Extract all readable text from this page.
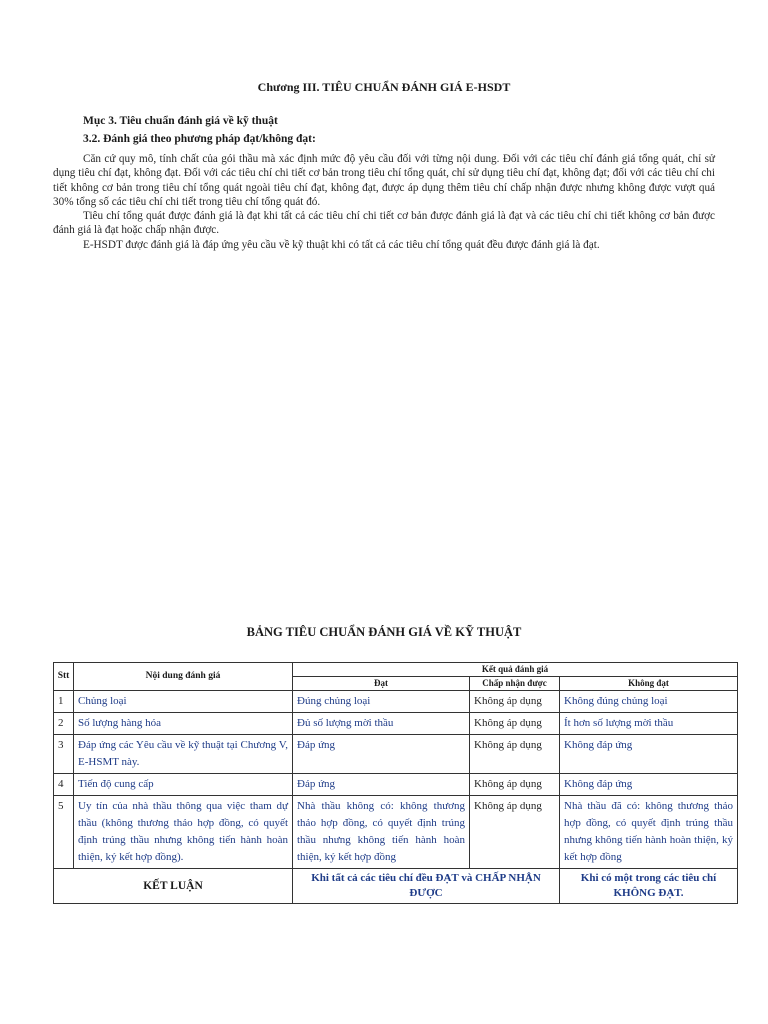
Chương III. TIÊU CHUẨN ĐÁNH GIÁ E-HSDT
Mục 3. Tiêu chuẩn đánh giá về kỹ thuật
3.2. Đánh giá theo phương pháp đạt/không đạt:

Căn cứ quy mô, tính chất của gói thầu mà xác định mức độ yêu cầu đối với từng nội dung. Đối với các tiêu chí đánh giá tổng quát, chỉ sử dụng tiêu chí đạt, không đạt. Đối với các tiêu chí chi tiết cơ bản trong tiêu chí tổng quát, chỉ sử dụng tiêu chí đạt, không đạt; đối với các tiêu chí chi tiết không cơ bản trong tiêu chí tổng quát ngoài tiêu chí đạt, không đạt, được áp dụng thêm tiêu chí chấp nhận được nhưng không được vượt quá 30% tổng số các tiêu chí chi tiết trong tiêu chí tổng quát đó.

Tiêu chí tổng quát được đánh giá là đạt khi tất cả các tiêu chí chi tiết cơ bản được đánh giá là đạt và các tiêu chí chi tiết không cơ bản được đánh giá là đạt hoặc chấp nhận được.

E-HSDT được đánh giá là đáp ứng yêu cầu về kỹ thuật khi có tất cả các tiêu chí tổng quát đều được đánh giá là đạt.

BẢNG TIÊU CHUẨN ĐÁNH GIÁ VỀ KỸ THUẬT
Stt	Nội dung đánh giá	Kết quả đánh giá		
		Đạt	Chấp nhận được	Không đạt
1	Chủng loại	Đúng chủng loại	Không áp dụng	Không đúng chủng loại
2	Số lượng hàng hóa	Đủ số lượng mời thầu	Không áp dụng	Ít hơn số lượng mời thầu
3	Đáp ứng các Yêu cầu về kỹ thuật tại Chương V, E-HSMT này.	Đáp ứng	Không áp dụng	Không đáp ứng
4	Tiến độ cung cấp	Đáp ứng	Không áp dụng	Không đáp ứng
5	Uy tín của nhà thầu thông qua việc tham dự thầu (không thương thảo hợp đồng, có quyết định trúng thầu nhưng không tiến hành hoàn thiện, ký kết hợp đồng).	Nhà thầu không có: không thương thảo hợp đồng, có quyết định trúng thầu nhưng không tiến hành hoàn thiện, ký kết hợp đồng	Không áp dụng	Nhà thầu đã có: không thương thảo hợp đồng, có quyết định trúng thầu nhưng không tiến hành hoàn thiện, ký kết hợp đồng
KẾT LUẬN		Khi tất cả các tiêu chí đều ĐẠT và CHẤP NHẬN ĐƯỢC		Khi có một trong các tiêu chí KHÔNG ĐẠT.
